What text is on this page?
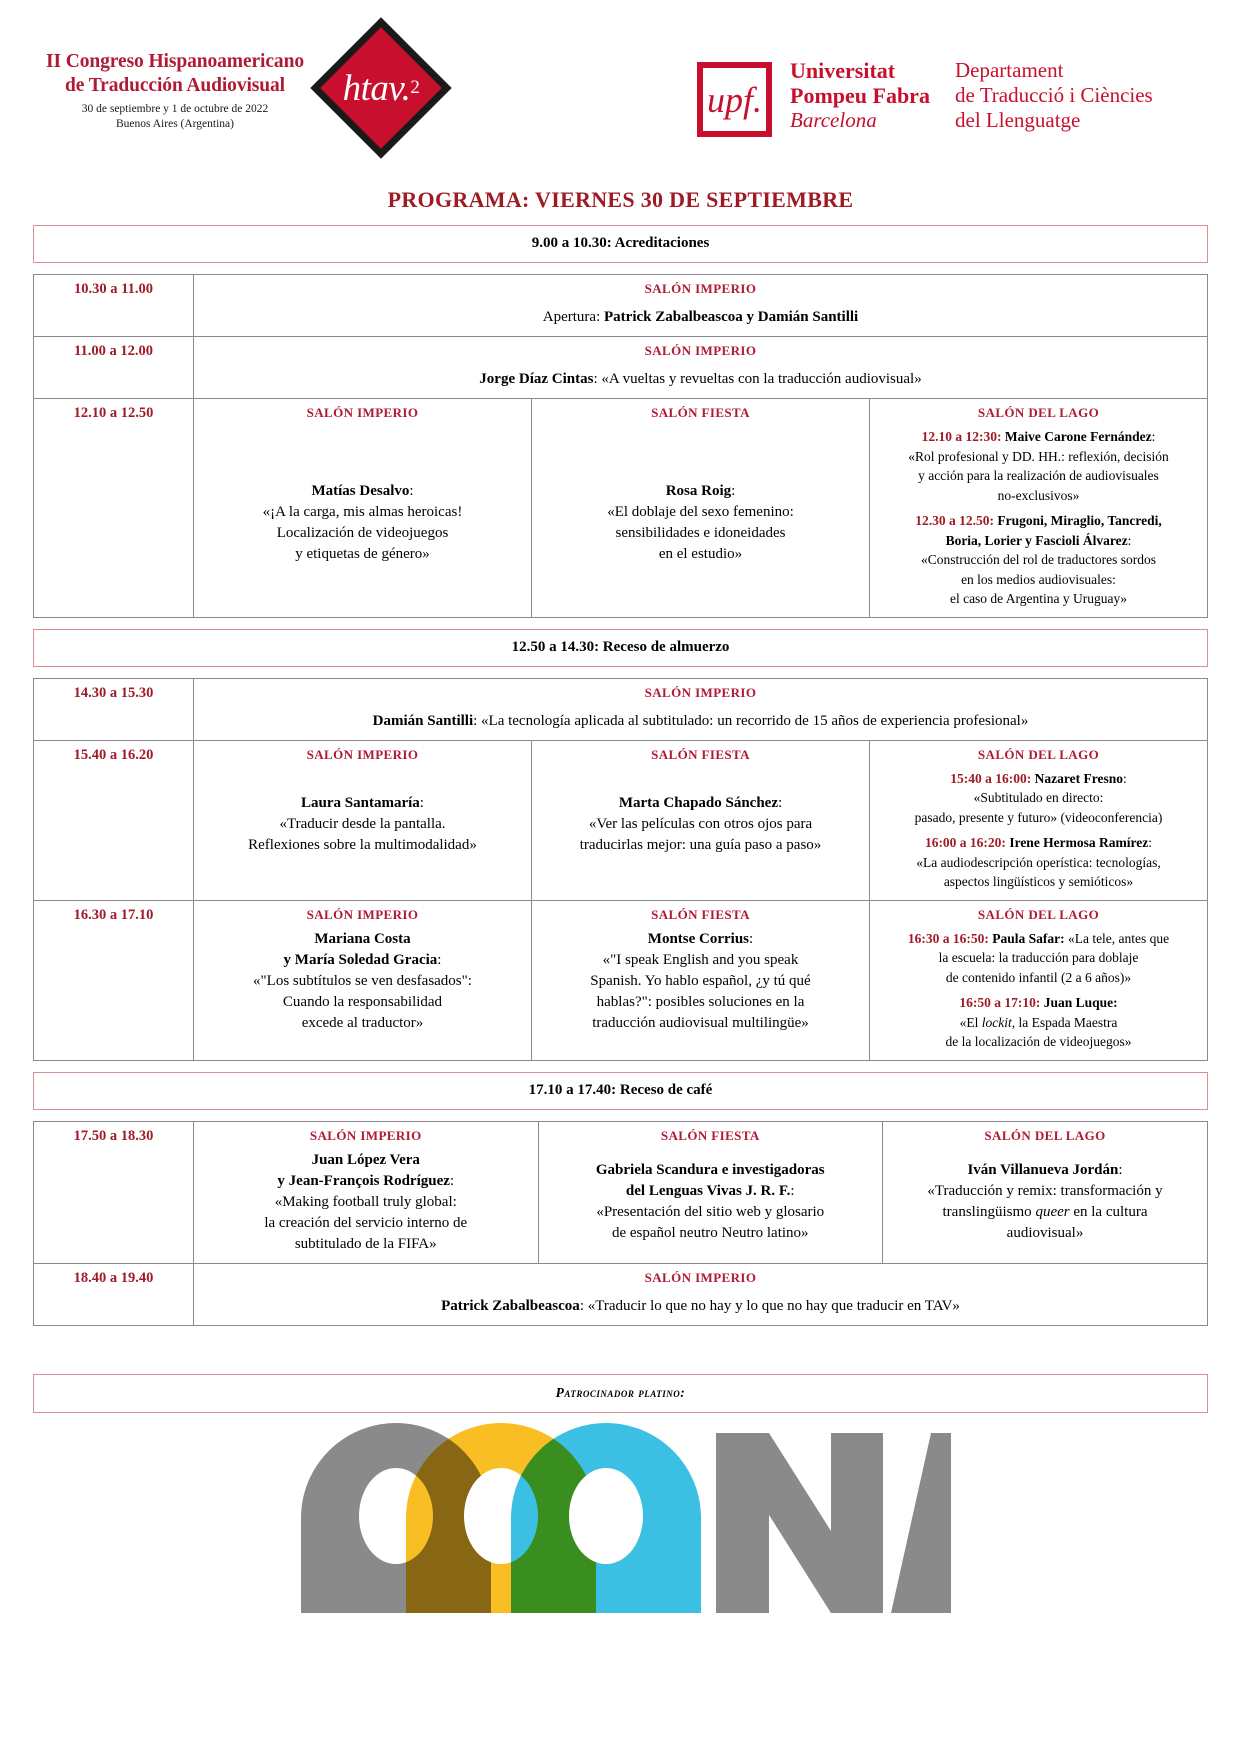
II Congreso Hispanoamericano
de Traducción Audiovisual
30 de septiembre y 1 de octubre de 2022
Buenos Aires (Argentina)
htav. 2	upf.
Universitat
Pompeu Fabra
Barcelona
Departament
de Traducció i Ciències
del Llenguatge
PROGRAMA: VIERNES 30 DE SEPTIEMBRE
9.00 a 10.30: Acreditaciones
10.30 a 11.00	SALÓN IMPERIO
Apertura: Patrick Zabalbeascoa y Damián Santilli		

11.00 a 12.00	SALÓN IMPERIO
Jorge Díaz Cintas: «A vueltas y revueltas con la traducción audiovisual»		

12.10 a 12.50	SALÓN IMPERIO
Matías Desalvo:
«¡A la carga, mis almas heroicas!
Localización de videojuegos
y etiquetas de género»

SALÓN FIESTA
Rosa Roig:
«El doblaje del sexo femenino:
sensibilidades e idoneidades
en el estudio»

SALÓN DEL LAGO
12.10 a 12:30: Maive Carone Fernández:
«Rol profesional y DD. HH.: reflexión, decisión
y acción para la realización de audiovisuales
no-exclusivos»
12.30 a 12.50: Frugoni, Miraglio, Tancredi,
Boria, Lorier y Fascioli Álvarez:
«Construcción del rol de traductores sordos
en los medios audiovisuales:
el caso de Argentina y Uruguay»
12.50 a 14.30: Receso de almuerzo
14.30 a 15.30	SALÓN IMPERIO
Damián Santilli: «La tecnología aplicada al subtitulado: un recorrido de 15 años de experiencia profesional»		

15.40 a 16.20	SALÓN IMPERIO
Laura Santamaría:
«Traducir desde la pantalla.
Reflexiones sobre la multimodalidad»

SALÓN FIESTA
Marta Chapado Sánchez:
«Ver las películas con otros ojos para
traducirlas mejor: una guía paso a paso»

SALÓN DEL LAGO
15:40 a 16:00: Nazaret Fresno:
«Subtitulado en directo:
pasado, presente y futuro» (videoconferencia)
16:00 a 16:20: Irene Hermosa Ramírez:
«La audiodescripción operística: tecnologías,
aspectos lingüísticos y semióticos»

16.30 a 17.10	SALÓN IMPERIO
Mariana Costa
y María Soledad Gracia:
«"Los subtítulos se ven desfasados":
Cuando la responsabilidad
excede al traductor»

SALÓN FIESTA
Montse Corrius:
«"I speak English and you speak
Spanish. Yo hablo español, ¿y tú qué
hablas?": posibles soluciones en la
traducción audiovisual multilingüe»

SALÓN DEL LAGO
16:30 a 16:50: Paula Safar: «La tele, antes que
la escuela: la traducción para doblaje
de contenido infantil (2 a 6 años)»
16:50 a 17:10: Juan Luque:
«El lockit, la Espada Maestra
de la localización de videojuegos»
17.10 a 17.40: Receso de café
17.50 a 18.30	SALÓN IMPERIO
Juan López Vera
y Jean-François Rodríguez:
«Making football truly global:
la creación del servicio interno de
subtitulado de la FIFA»

SALÓN FIESTA
Gabriela Scandura e investigadoras
del Lenguas Vivas J. R. F.:
«Presentación del sitio web y glosario
de español neutro Neutro latino»

SALÓN DEL LAGO
Iván Villanueva Jordán:
«Traducción y remix: transformación y
translingüismo queer en la cultura
audiovisual»

18.40 a 19.40	SALÓN IMPERIO
Patrick Zabalbeascoa: «Traducir lo que no hay y lo que no hay que traducir en TAV»		
Patrocinador platino:
